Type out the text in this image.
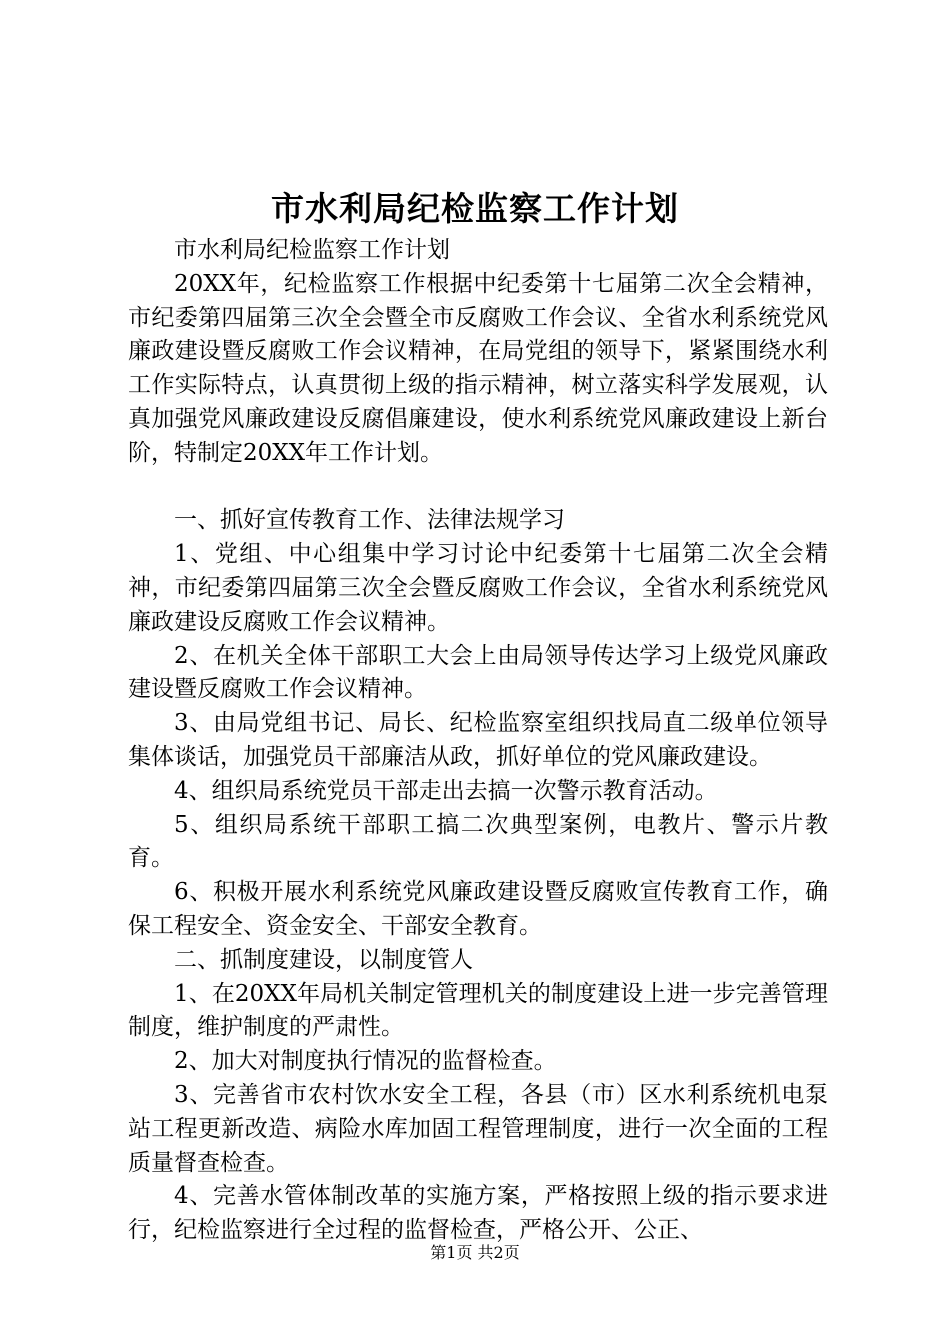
市水利局纪检监察工作计划

市水利局纪检监察工作计划

20XX年，纪检监察工作根据中纪委第十七届第二次全会精神，市纪委第四届第三次全会暨全市反腐败工作会议、全省水利系统党风廉政建设暨反腐败工作会议精神，在局党组的领导下，紧紧围绕水利工作实际特点，认真贯彻上级的指示精神，树立落实科学发展观，认真加强党风廉政建设反腐倡廉建设，使水利系统党风廉政建设上新台阶，特制定20XX年工作计划。

一、抓好宣传教育工作、法律法规学习

1、党组、中心组集中学习讨论中纪委第十七届第二次全会精神，市纪委第四届第三次全会暨反腐败工作会议，全省水利系统党风廉政建设反腐败工作会议精神。

2、在机关全体干部职工大会上由局领导传达学习上级党风廉政建设暨反腐败工作会议精神。

3、由局党组书记、局长、纪检监察室组织找局直二级单位领导集体谈话，加强党员干部廉洁从政，抓好单位的党风廉政建设。

4、组织局系统党员干部走出去搞一次警示教育活动。

5、组织局系统干部职工搞二次典型案例，电教片、警示片教育。

6、积极开展水利系统党风廉政建设暨反腐败宣传教育工作，确保工程安全、资金安全、干部安全教育。

二、抓制度建设，以制度管人

1、在20XX年局机关制定管理机关的制度建设上进一步完善管理制度，维护制度的严肃性。

2、加大对制度执行情况的监督检查。

3、完善省市农村饮水安全工程，各县（市）区水利系统机电泵站工程更新改造、病险水库加固工程管理制度，进行一次全面的工程质量督查检查。

4、完善水管体制改革的实施方案，严格按照上级的指示要求进行，纪检监察进行全过程的监督检查，严格公开、公正、

第1页 共2页
